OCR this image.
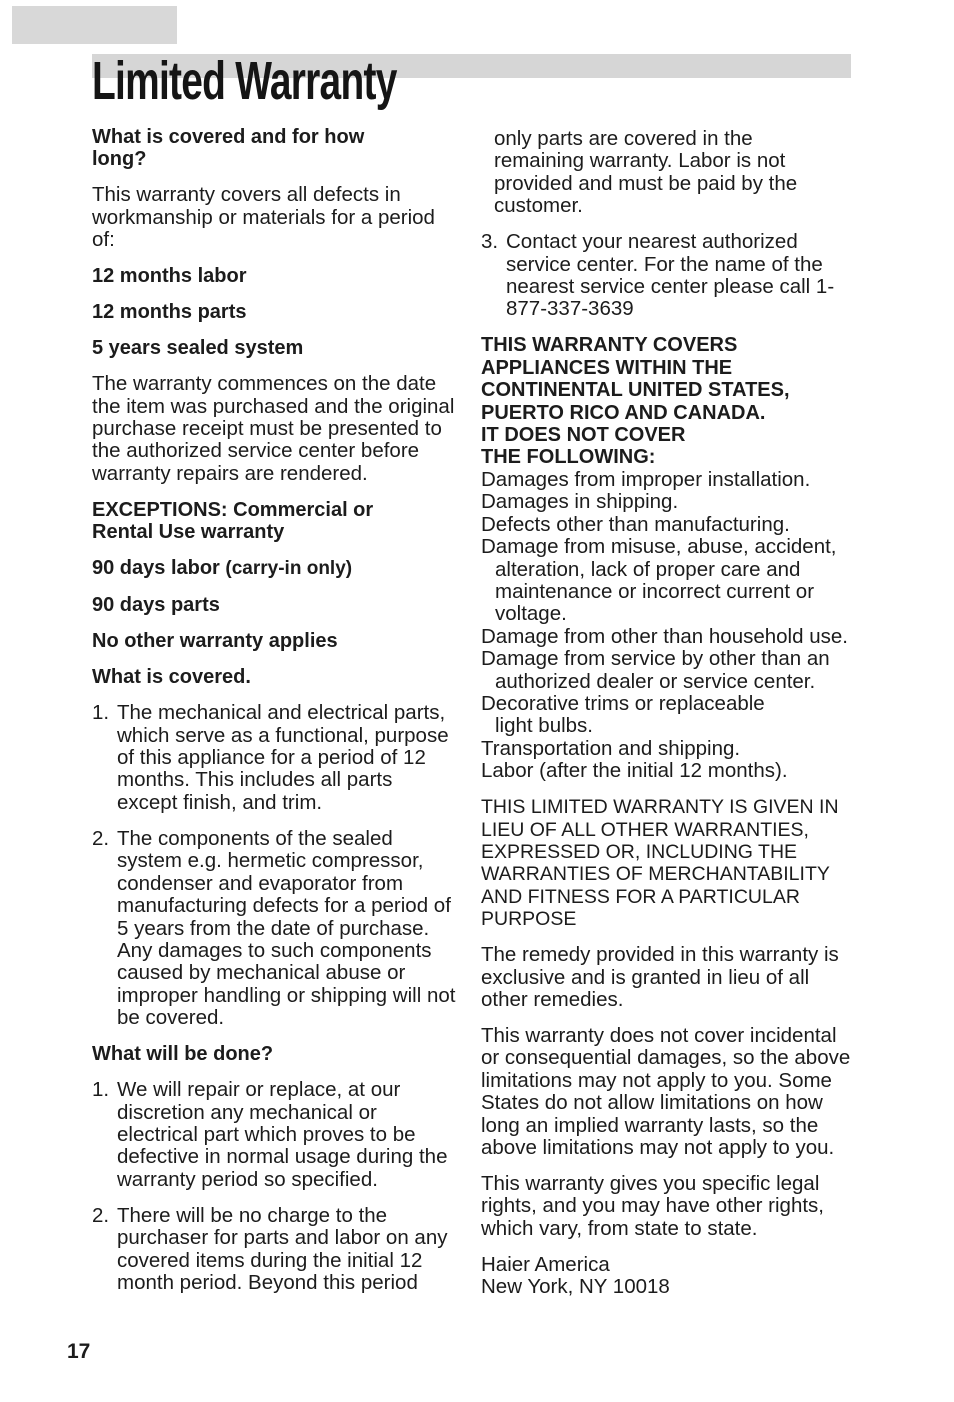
Limited Warranty

What is covered and for how long?

This warranty covers all defects in workmanship or materials for a period of:

12 months labor

12 months parts

5 years sealed system

The warranty commences on the date the item was purchased and the original purchase receipt must be presented to the authorized service center before warranty repairs are rendered.

EXCEPTIONS: Commercial or Rental Use warranty

90 days labor (carry-in only)

90 days parts

No other warranty applies

What is covered.

1. The mechanical and electrical parts, which serve as a functional, purpose of this appliance for a period of 12 months. This includes all parts except finish, and trim.
2. The components of the sealed system e.g. hermetic compressor, condenser and evaporator from manufacturing defects for a period of 5 years from the date of purchase. Any damages to such components caused by mechanical abuse or improper handling or shipping will not be covered.

What will be done?

1. We will repair or replace, at our discretion any mechanical or electrical part which proves to be defective in normal usage during the warranty period so specified.
2. There will be no charge to the purchaser for parts and labor on any covered items during the initial 12 month period. Beyond this period
only parts are covered in the remaining warranty. Labor is not provided and must be paid by the customer.
3. Contact your nearest authorized service center. For the name of the nearest service center please call 1-877-337-3639

THIS WARRANTY COVERS APPLIANCES WITHIN THE CONTINENTAL UNITED STATES, PUERTO RICO AND CANADA.

IT DOES NOT COVER

THE FOLLOWING:

Damages from improper installation.
Damages in shipping.
Defects other than manufacturing.
Damage from misuse, abuse, accident, alteration, lack of proper care and maintenance or incorrect current or voltage.
Damage from other than household use.
Damage from service by other than an authorized dealer or service center.
Decorative trims or replaceable light bulbs.
Transportation and shipping.
Labor (after the initial 12 months).

THIS LIMITED WARRANTY IS GIVEN IN LIEU OF ALL OTHER WARRANTIES, EXPRESSED OR, INCLUDING THE WARRANTIES OF MERCHANTABILITY AND FITNESS FOR A PARTICULAR PURPOSE

The remedy provided in this warranty is exclusive and is granted in lieu of all other remedies.

This warranty does not cover incidental or consequential damages, so the above limitations may not apply to you. Some States do not allow limitations on how long an implied warranty lasts, so the above limitations may not apply to you.

This warranty gives you specific legal rights, and you may have other rights, which vary, from state to state.

Haier America
New York, NY 10018
17
